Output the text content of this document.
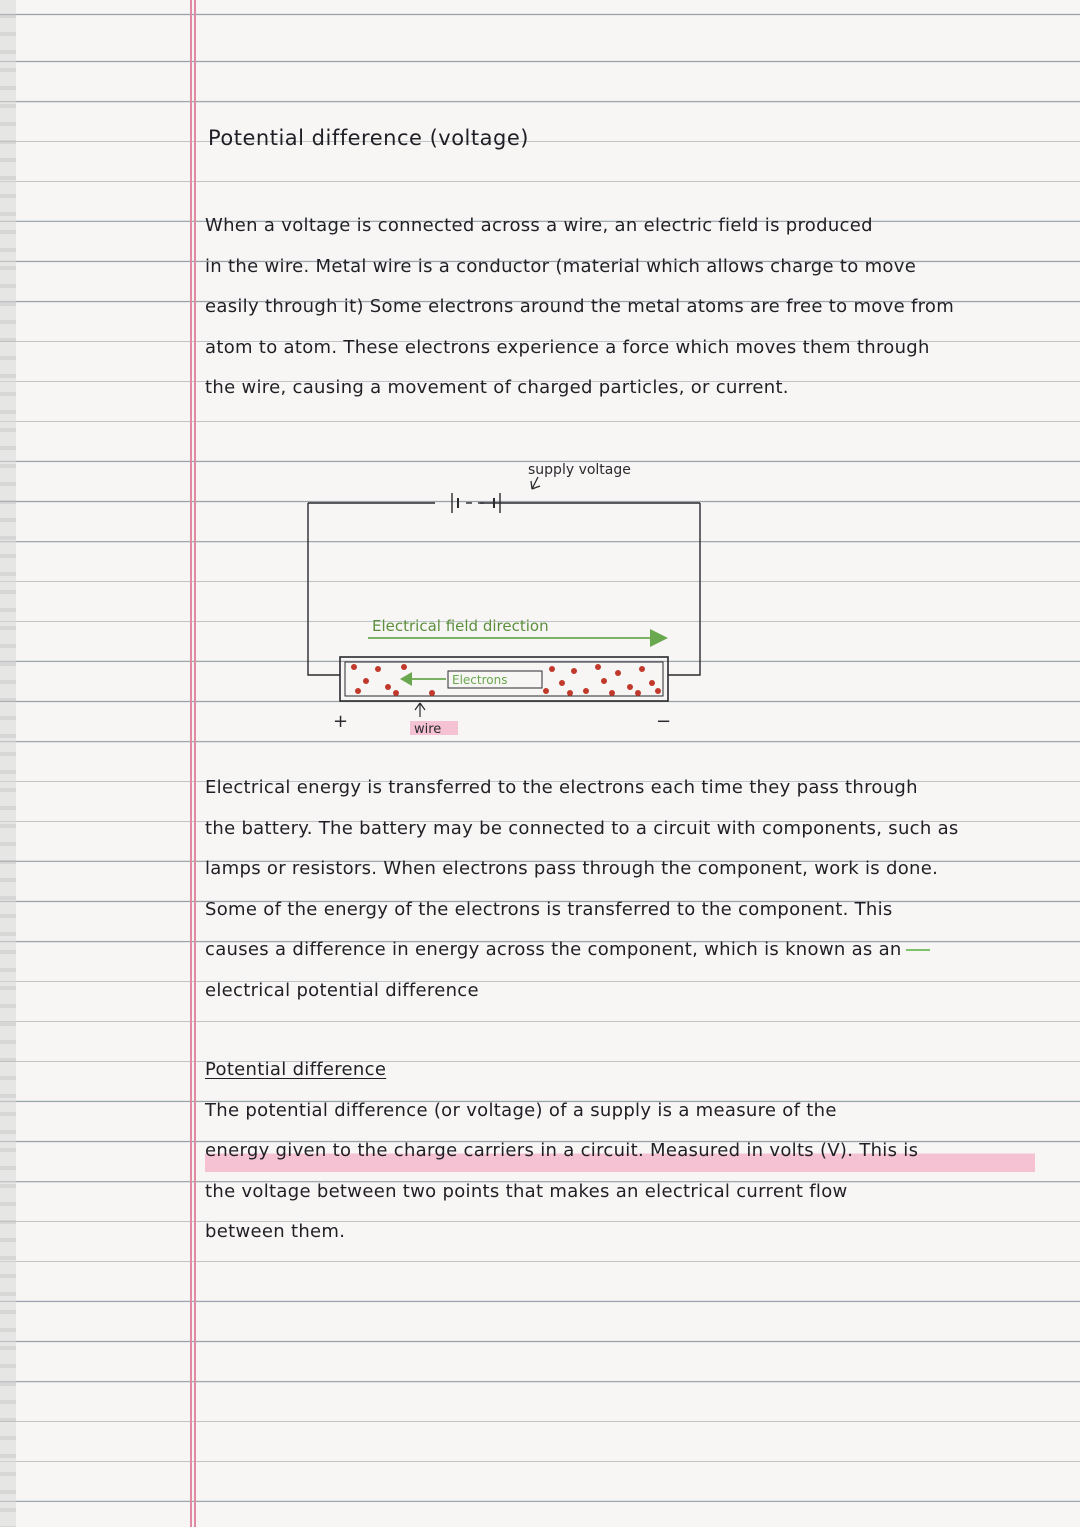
Potential difference (voltage)

When a voltage is connected across a wire, an electric field is produced

in the wire. Metal wire is a conductor (material which allows charge to move

easily through it) Some electrons around the metal atoms are free to move from

atom to atom. These electrons experience a force which moves them through

the wire, causing a movement of charged particles, or current.

supply voltage
Electrical field direction
Electrons
+	−
wire

Electrical energy is transferred to the electrons each time they pass through

the battery. The battery may be connected to a circuit with components, such as

lamps or resistors. When electrons pass through the component, work is done.

Some of the energy of the electrons is transferred to the component. This

causes a difference in energy across the component, which is known as an

electrical potential difference

Potential difference

The potential difference (or voltage) of a supply is a measure of the

energy given to the charge carriers in a circuit. Measured in volts (V). This is

the voltage between two points that makes an electrical current flow

between them.
